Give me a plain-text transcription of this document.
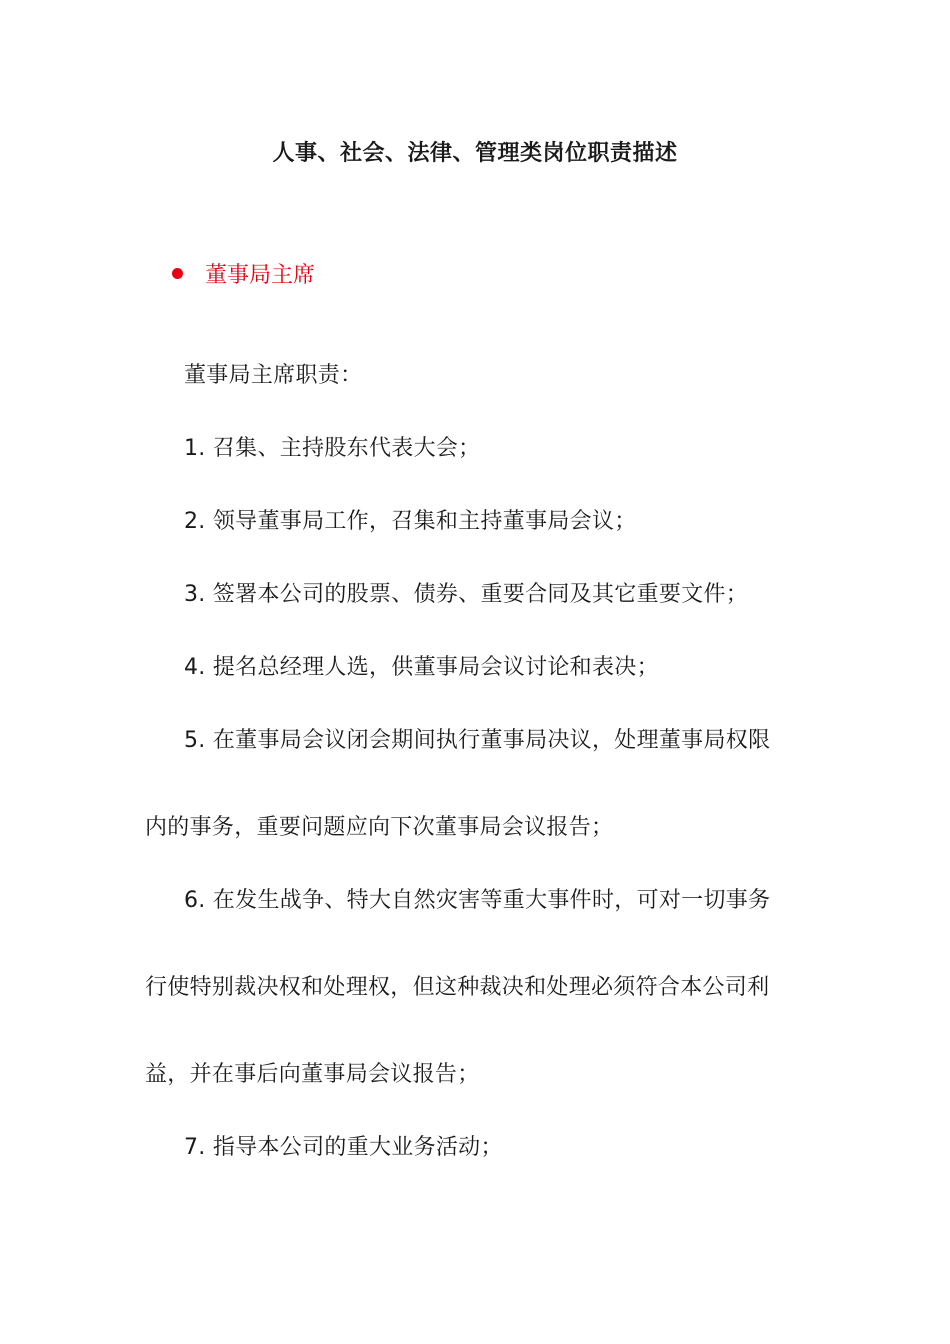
人事、社会、法律、管理类岗位职责描述
董事局主席
董事局主席职责：
1. 召集、主持股东代表大会；
2. 领导董事局工作，召集和主持董事局会议；
3. 签署本公司的股票、债券、重要合同及其它重要文件；
4. 提名总经理人选，供董事局会议讨论和表决；
5. 在董事局会议闭会期间执行董事局决议，处理董事局权限
内的事务，重要问题应向下次董事局会议报告；
6. 在发生战争、特大自然灾害等重大事件时，可对一切事务
行使特别裁决权和处理权，但这种裁决和处理必须符合本公司利
益，并在事后向董事局会议报告；
7. 指导本公司的重大业务活动；
